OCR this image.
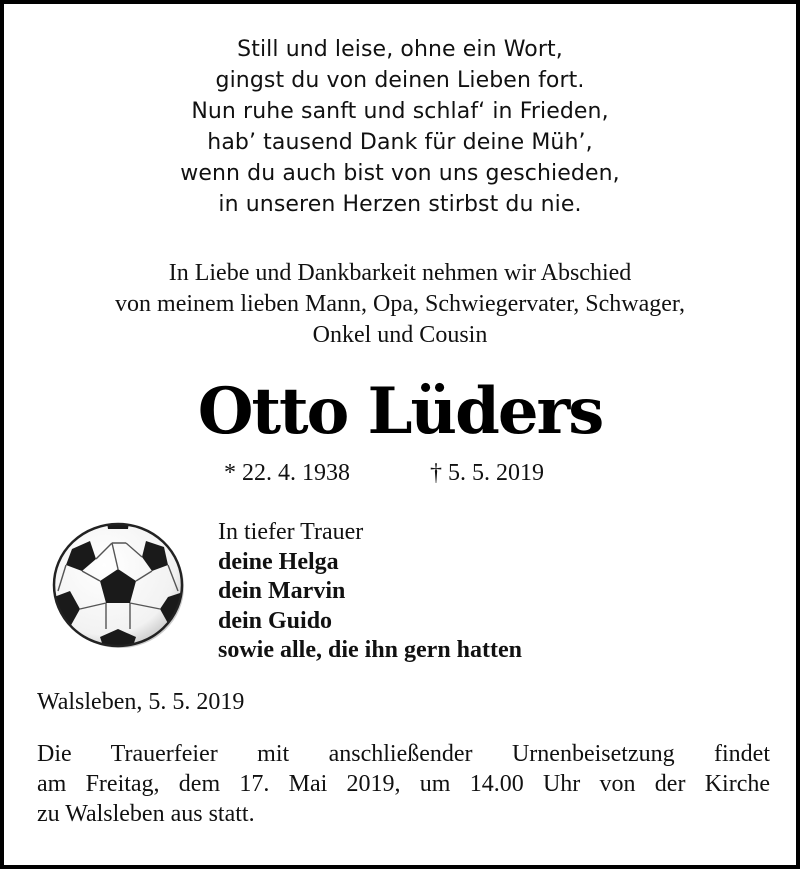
Still und leise, ohne ein Wort,
gingst du von deinen Lieben fort.
Nun ruhe sanft und schlaf‘ in Frieden,
hab’ tausend Dank für deine Müh’,
wenn du auch bist von uns geschieden,
in unseren Herzen stirbst du nie.
In Liebe und Dankbarkeit nehmen wir Abschied
von meinem lieben Mann, Opa, Schwiegervater, Schwager,
Onkel und Cousin
Otto Lüders
* 22. 4. 1938	† 5. 5. 2019
In tiefer Trauer
deine Helga
dein Marvin
dein Guido
sowie alle, die ihn gern hatten
Walsleben, 5. 5. 2019
Die Trauerfeier mit anschließender Urnenbeisetzung findet
am Freitag, dem 17. Mai 2019, um 14.00 Uhr von der Kirche
zu Walsleben aus statt.
